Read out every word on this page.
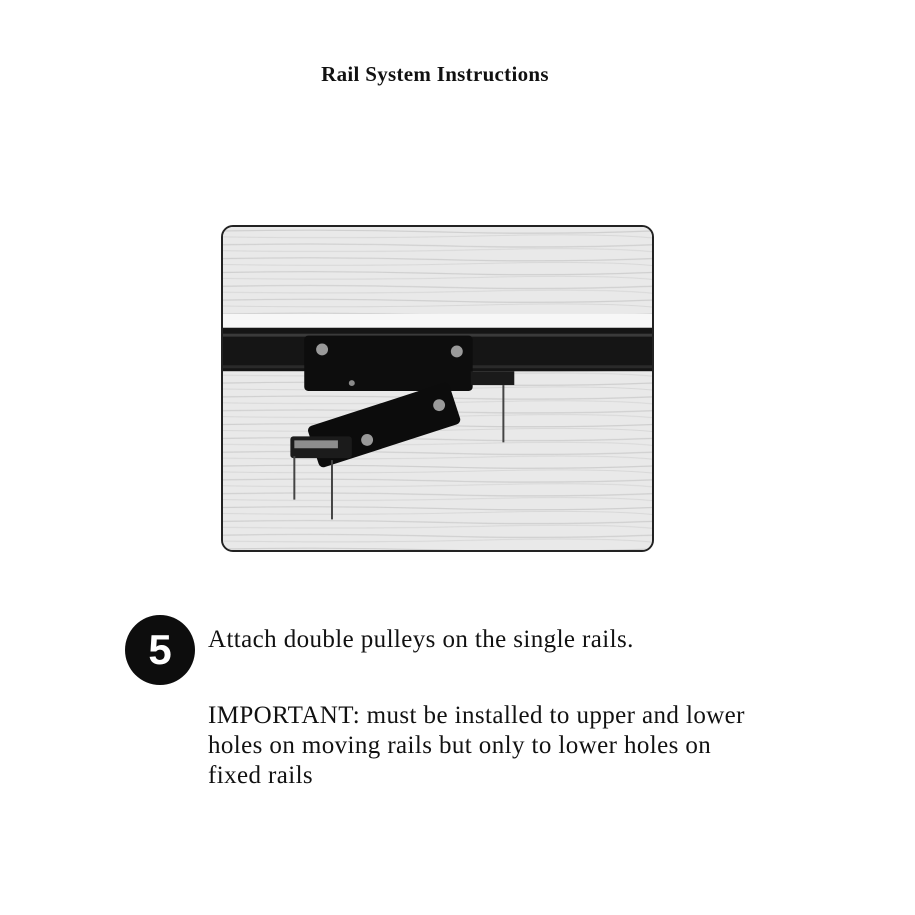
Rail System Instructions
5	Attach double pulleys on the single rails.
IMPORTANT: must be installed to upper and lower holes on moving rails but only to lower holes on fixed rails
